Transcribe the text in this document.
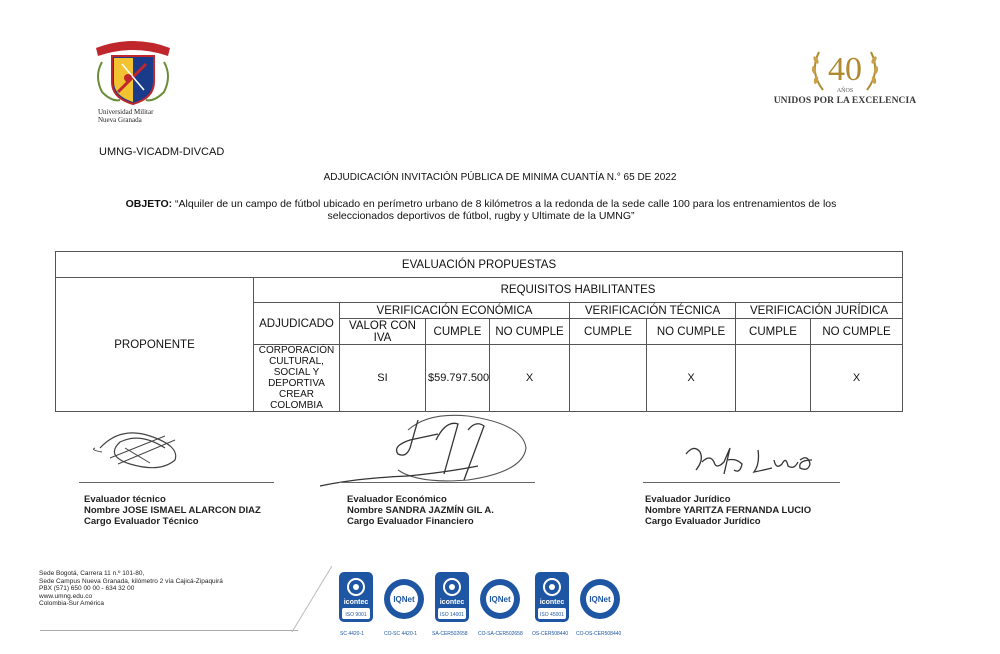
Universidad Militar
Nueva Granada
40
AÑOS
UNIDOS POR LA EXCELENCIA
UMNG-VICADM-DIVCAD
ADJUDICACIÓN INVITACIÓN PÚBLICA DE MINIMA CUANTÍA N.° 65 DE 2022
OBJETO: “Alquiler de un campo de fútbol ubicado en perímetro urbano de 8 kilómetros a la redonda de la sede calle 100 para los entrenamientos de los seleccionados deportivos de fútbol, rugby y Ultimate de la UMNG”
EVALUACIÓN PROPUESTAS									
PROPONENTE	REQUISITOS HABILITANTES								
	ADJUDICADO	VERIFICACIÓN ECONÓMICA			VERIFICACIÓN TÉCNICA		VERIFICACIÓN JURÍDICA		
		VALOR CON IVA	CUMPLE	NO CUMPLE	CUMPLE	NO CUMPLE	CUMPLE	NO CUMPLE	
	CORPORACIÓN CULTURAL, SOCIAL Y DEPORTIVA CREAR COLOMBIA	SI	$59.797.500	X		X		X	
Evaluador técnico
Nombre JOSE ISMAEL ALARCON DIAZ
Cargo Evaluador Técnico
Evaluador Económico
Nombre SANDRA JAZMÍN GIL A.
Cargo Evaluador Financiero
Evaluador Jurídico
Nombre YARITZA FERNANDA LUCIO
Cargo Evaluador Jurídico
Sede Bogotá, Carrera 11 n.º 101-80,
Sede Campus Nueva Granada, kilómetro 2 vía Cajicá-Zipaquirá
PBX (571) 650 00 00 - 634 32 00
www.umng.edu.co
Colombia-Sur América	icontec
ISO 9001
IQNet	icontec
ISO 14001
IQNet	icontec
ISO 45001
IQNet
SC 4420-1	CO-SC 4420-1	SA-CER502658 CO-SA-CER502658 OS-CER508440 CO-OS-CER508440
